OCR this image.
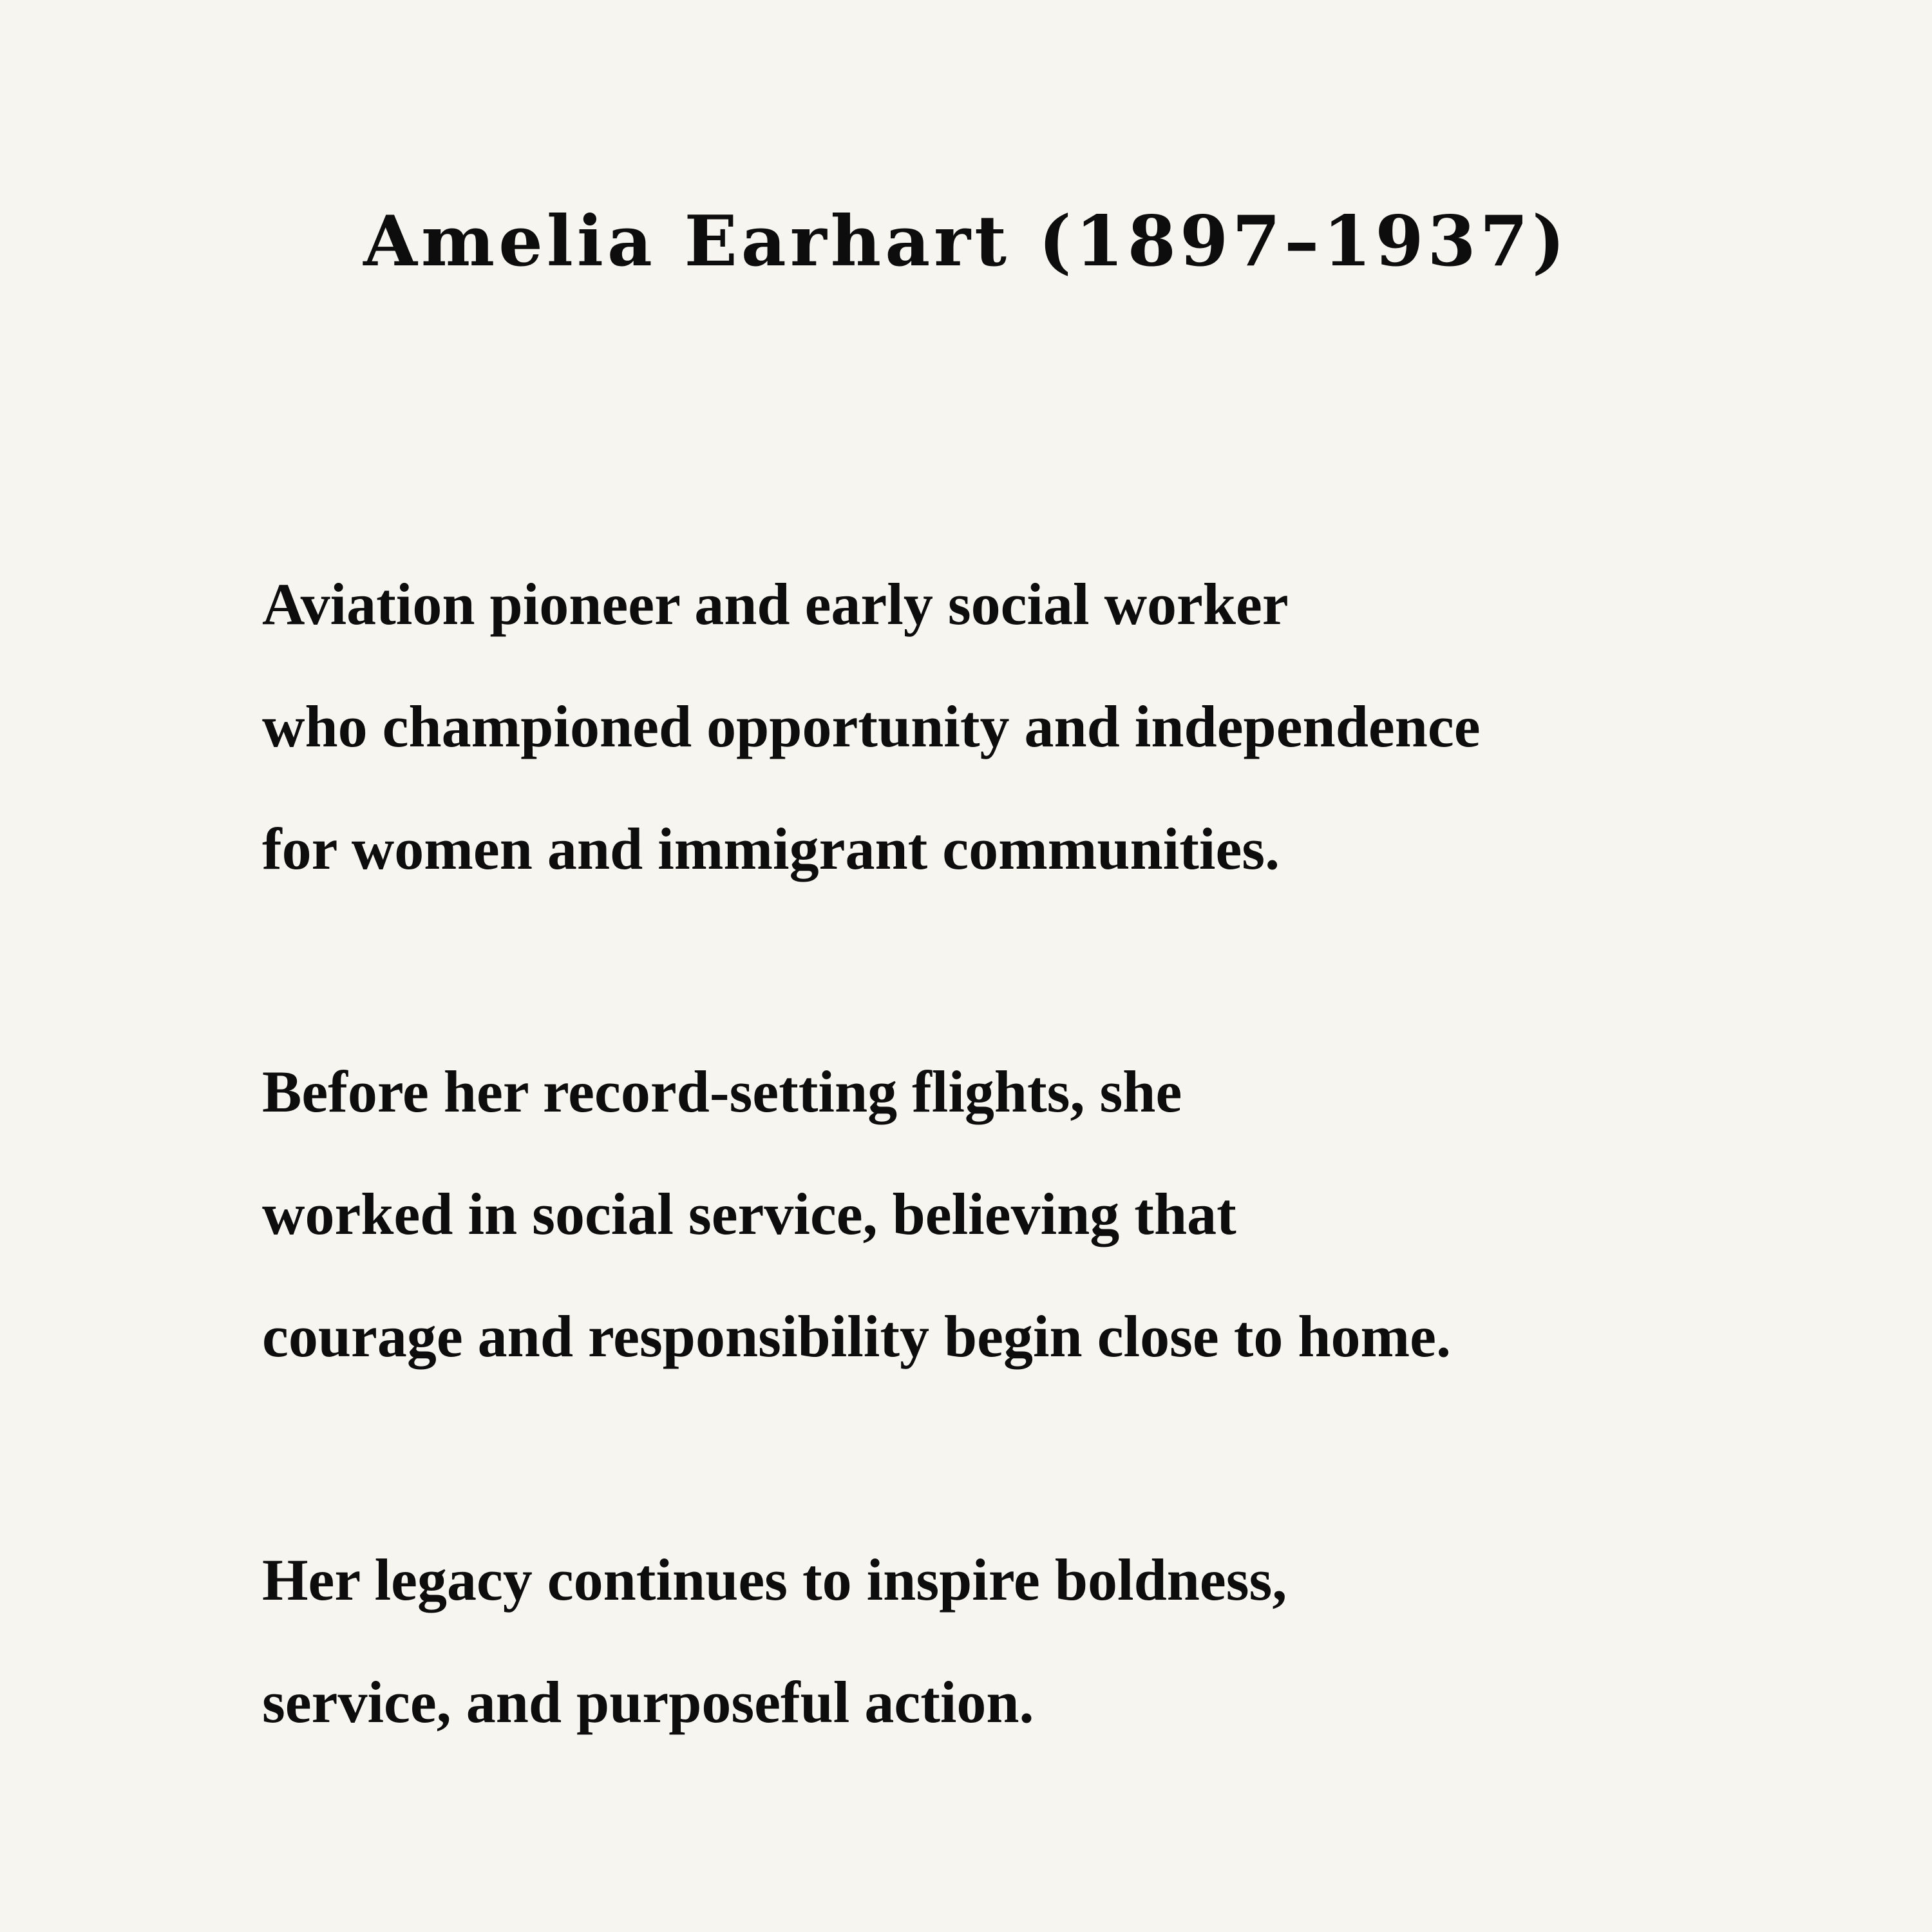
Amelia Earhart (1897–1937)

Aviation pioneer and early social worker

who championed opportunity and independence

for women and immigrant communities.

Before her record-setting flights, she

worked in social service, believing that

courage and responsibility begin close to home.

Her legacy continues to inspire boldness,

service, and purposeful action.
